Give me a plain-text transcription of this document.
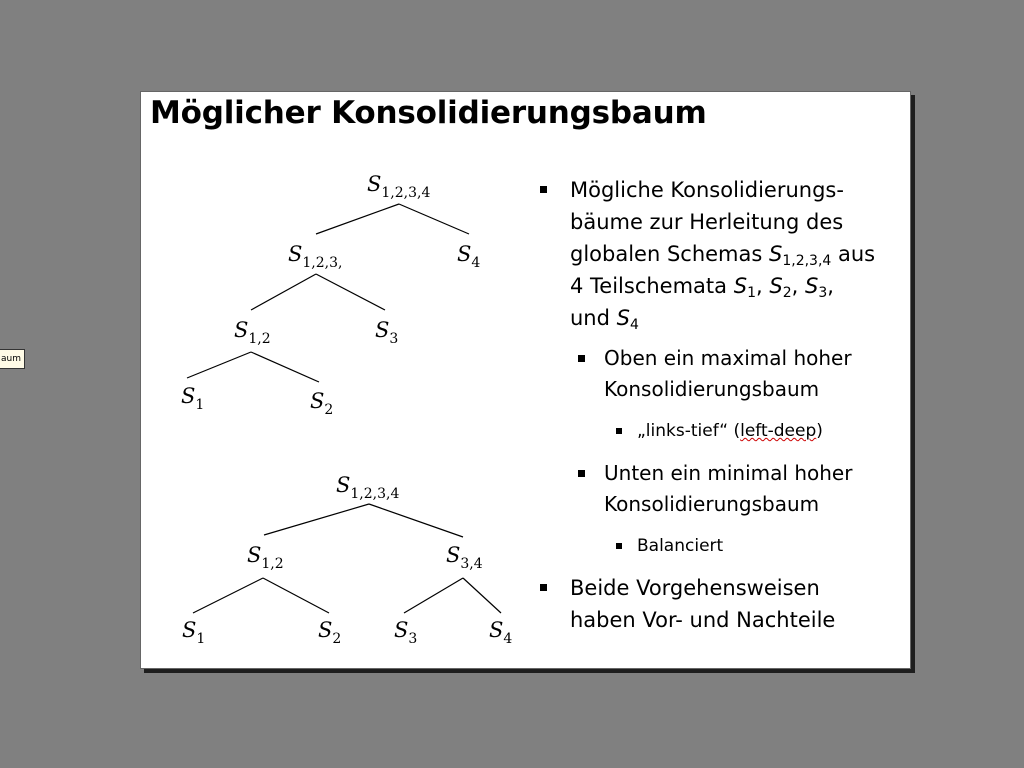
aum
Möglicher Konsolidierungsbaum
$S_{1,2,3,4}$
$S_{1,2,3,}$	$S_4$
$S_{1,2}$	$S_3$
$S_1$	$S_2$
$S_{1,2,3,4}$
$S_{1,2}$	$S_{3,4}$
$S_1$	$S_2$	$S_3$	$S_4$
Mögliche Konsolidierungs-
bäume zur Herleitung des
globalen Schemas $S_{1,2,3,4}$ aus
4 Teilschemata $S_1$, $S_2$, $S_3$,
und $S_4$
Oben ein maximal hoher
Konsolidierungsbaum
„links-tief“ (left-deep)
Unten ein minimal hoher
Konsolidierungsbaum
Balanciert
Beide Vorgehensweisen
haben Vor- und Nachteile
